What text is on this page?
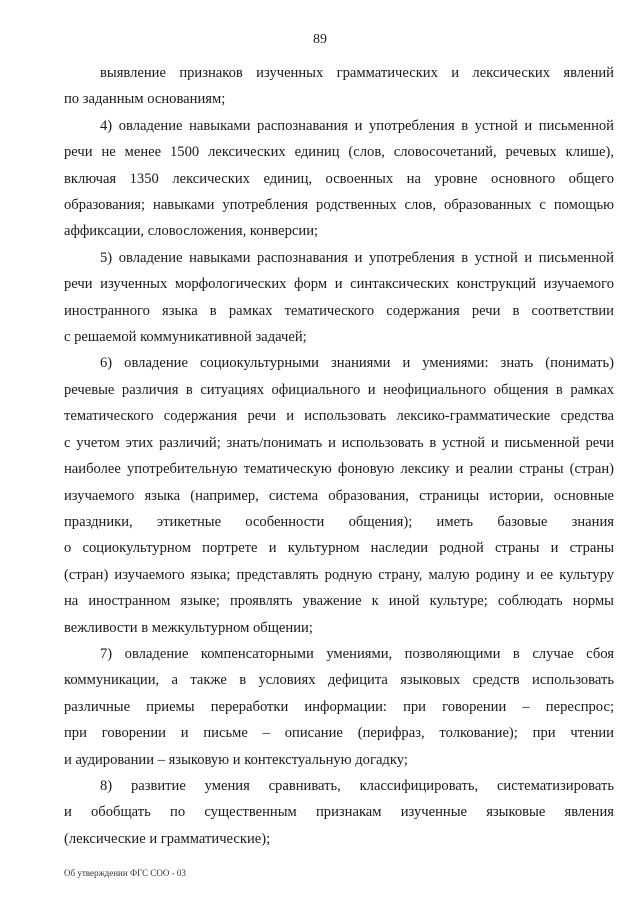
89
выявление признаков изученных грамматических и лексических явлений
по заданным основаниям;
4) овладение навыками распознавания и употребления в устной и письменной
речи не менее 1500 лексических единиц (слов, словосочетаний, речевых клише),
включая 1350 лексических единиц, освоенных на уровне основного общего
образования; навыками употребления родственных слов, образованных с помощью
аффиксации, словосложения, конверсии;
5) овладение навыками распознавания и употребления в устной и письменной
речи изученных морфологических форм и синтаксических конструкций изучаемого
иностранного языка в рамках тематического содержания речи в соответствии
с решаемой коммуникативной задачей;
6) овладение социокультурными знаниями и умениями: знать (понимать)
речевые различия в ситуациях официального и неофициального общения в рамках
тематического содержания речи и использовать лексико-грамматические средства
с учетом этих различий; знать/понимать и использовать в устной и письменной речи
наиболее употребительную тематическую фоновую лексику и реалии страны (стран)
изучаемого языка (например, система образования, страницы истории, основные
праздники, этикетные особенности общения); иметь базовые знания
о социокультурном портрете и культурном наследии родной страны и страны
(стран) изучаемого языка; представлять родную страну, малую родину и ее культуру
на иностранном языке; проявлять уважение к иной культуре; соблюдать нормы
вежливости в межкультурном общении;
7) овладение компенсаторными умениями, позволяющими в случае сбоя
коммуникации, а также в условиях дефицита языковых средств использовать
различные приемы переработки информации: при говорении – переспрос;
при говорении и письме – описание (перифраз, толкование); при чтении
и аудировании – языковую и контекстуальную догадку;
8) развитие умения сравнивать, классифицировать, систематизировать
и обобщать по существенным признакам изученные языковые явления
(лексические и грамматические);
Об утверждении ФГС СОО - 03
